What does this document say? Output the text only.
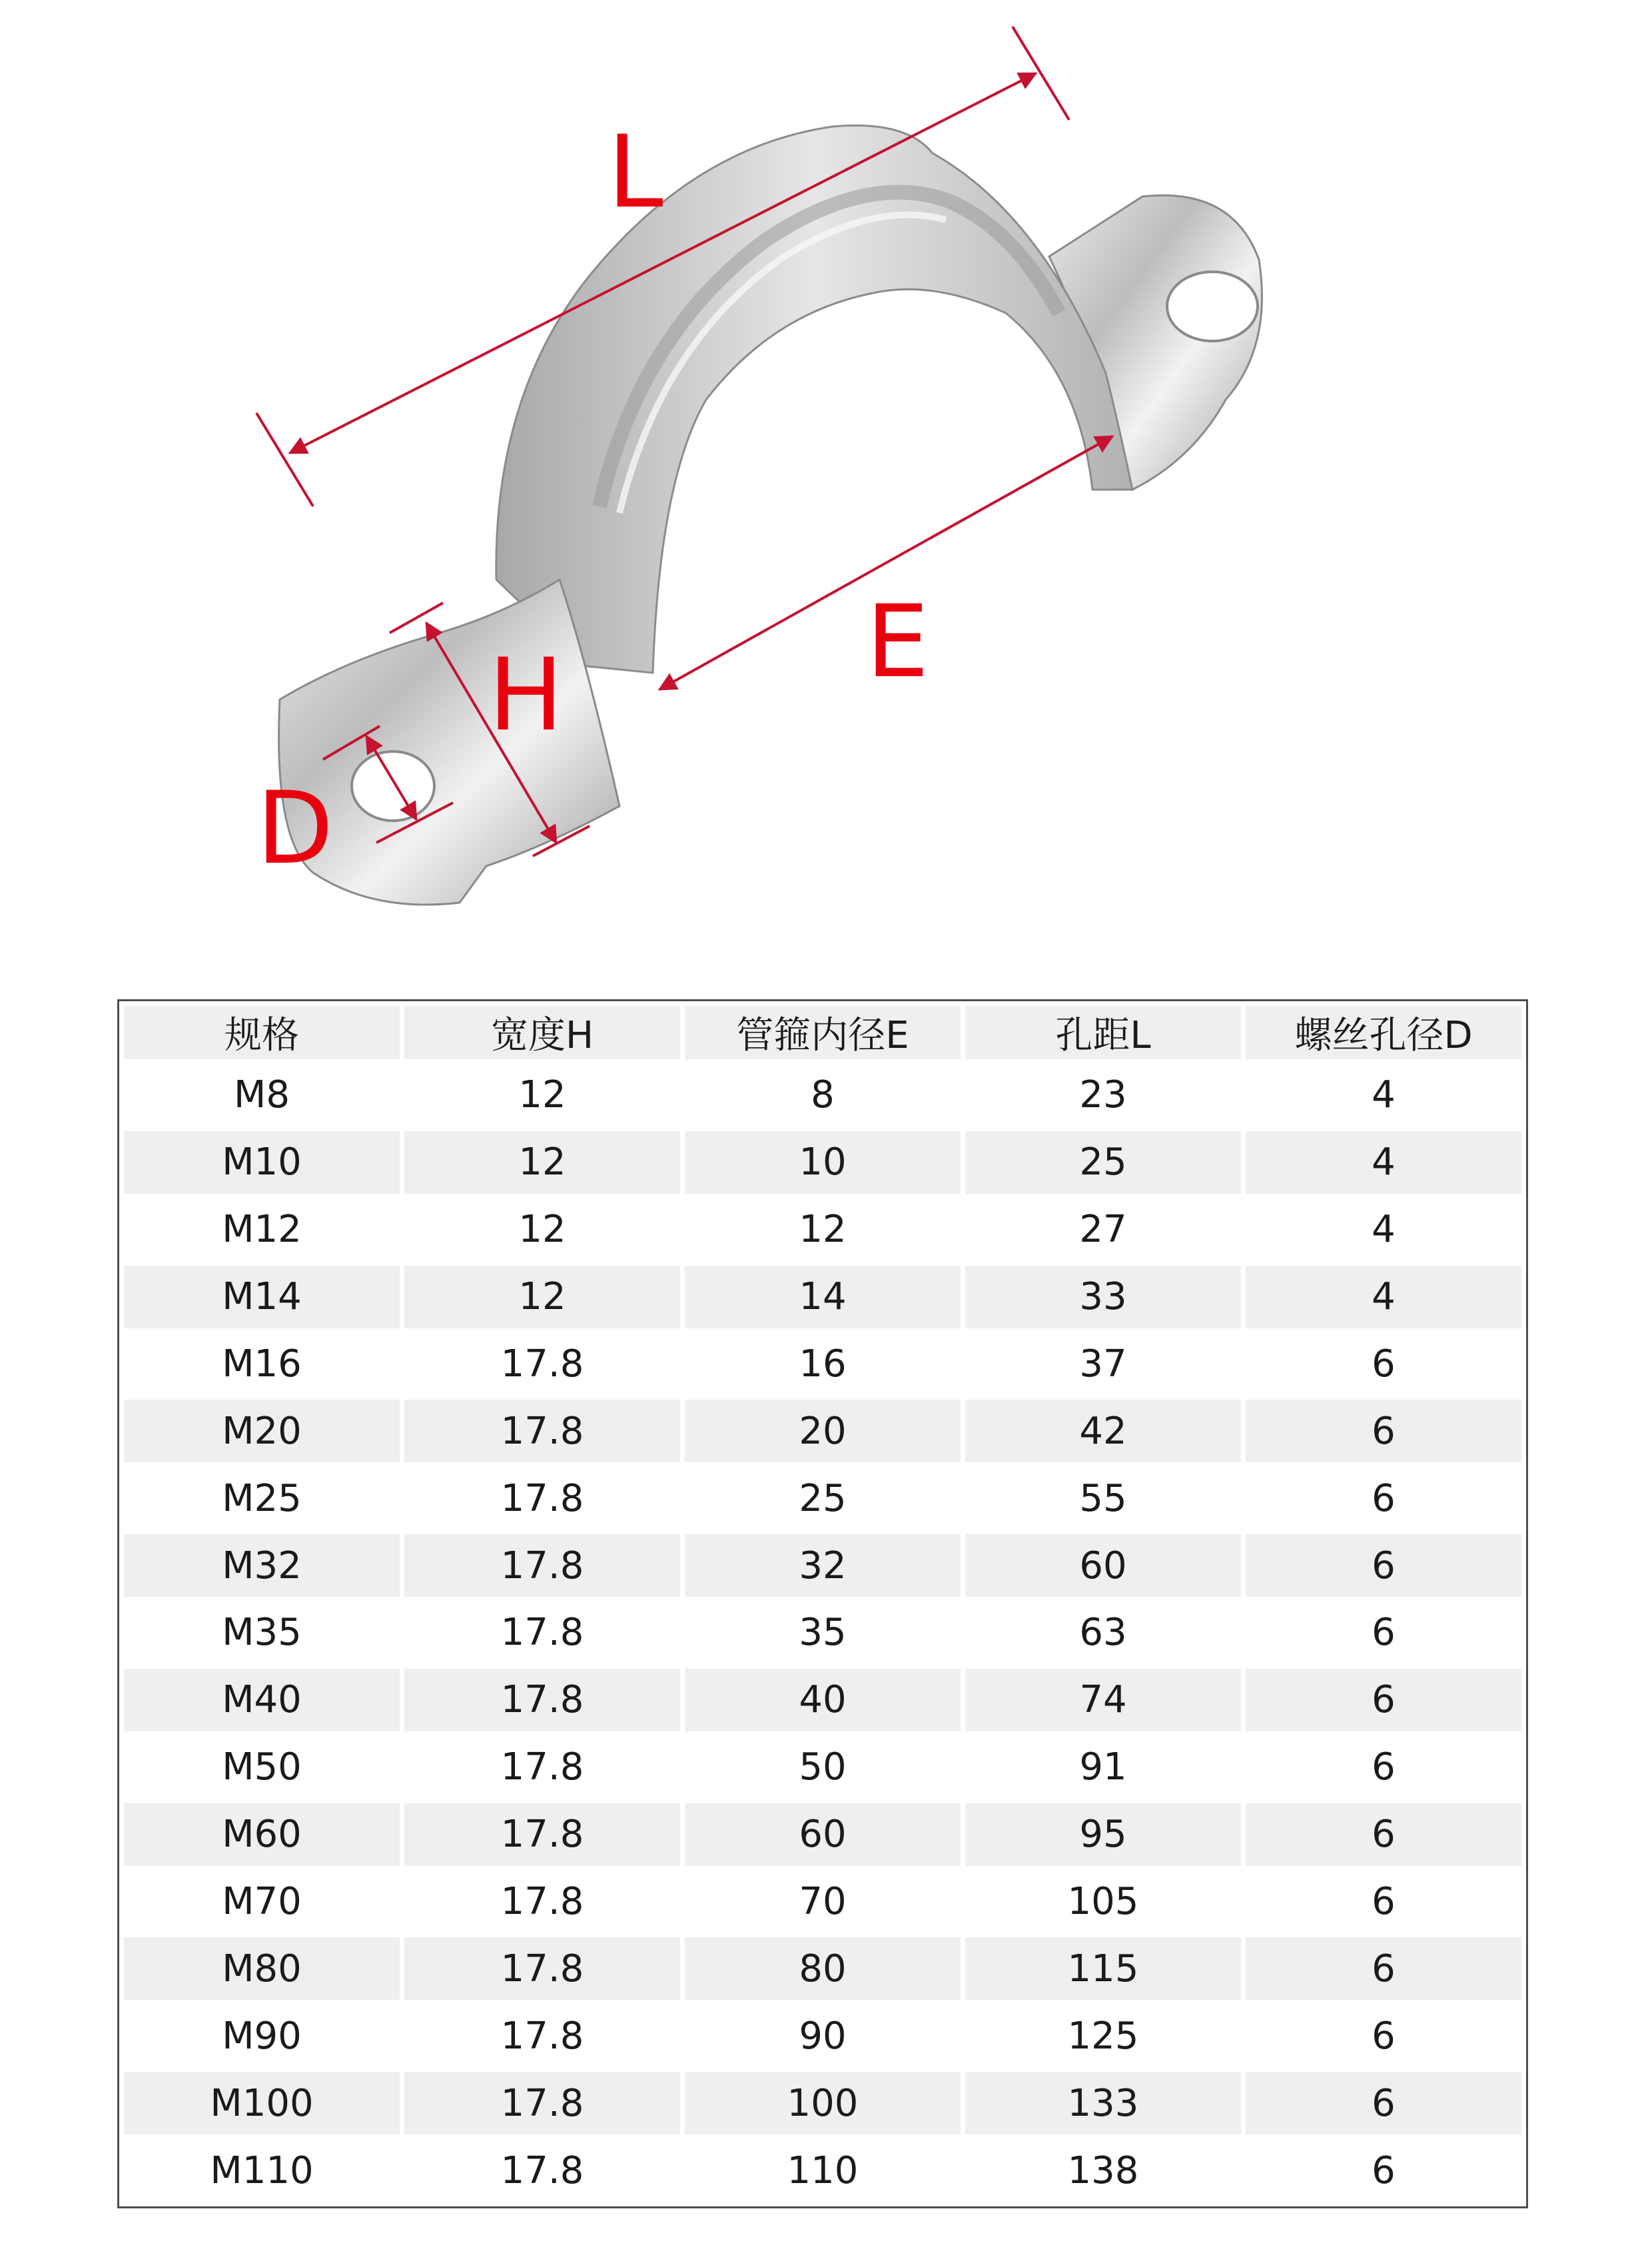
L
E
H
D
规格	宽度H	管箍内径E	孔距L	螺丝孔径D
M8	12	8	23	4
M10	12	10	25	4
M12	12	12	27	4
M14	12	14	33	4
M16	17.8	16	37	6
M20	17.8	20	42	6
M25	17.8	25	55	6
M32	17.8	32	60	6
M35	17.8	35	63	6
M40	17.8	40	74	6
M50	17.8	50	91	6
M60	17.8	60	95	6
M70	17.8	70	105	6
M80	17.8	80	115	6
M90	17.8	90	125	6
M100	17.8	100	133	6
M110	17.8	110	138	6
